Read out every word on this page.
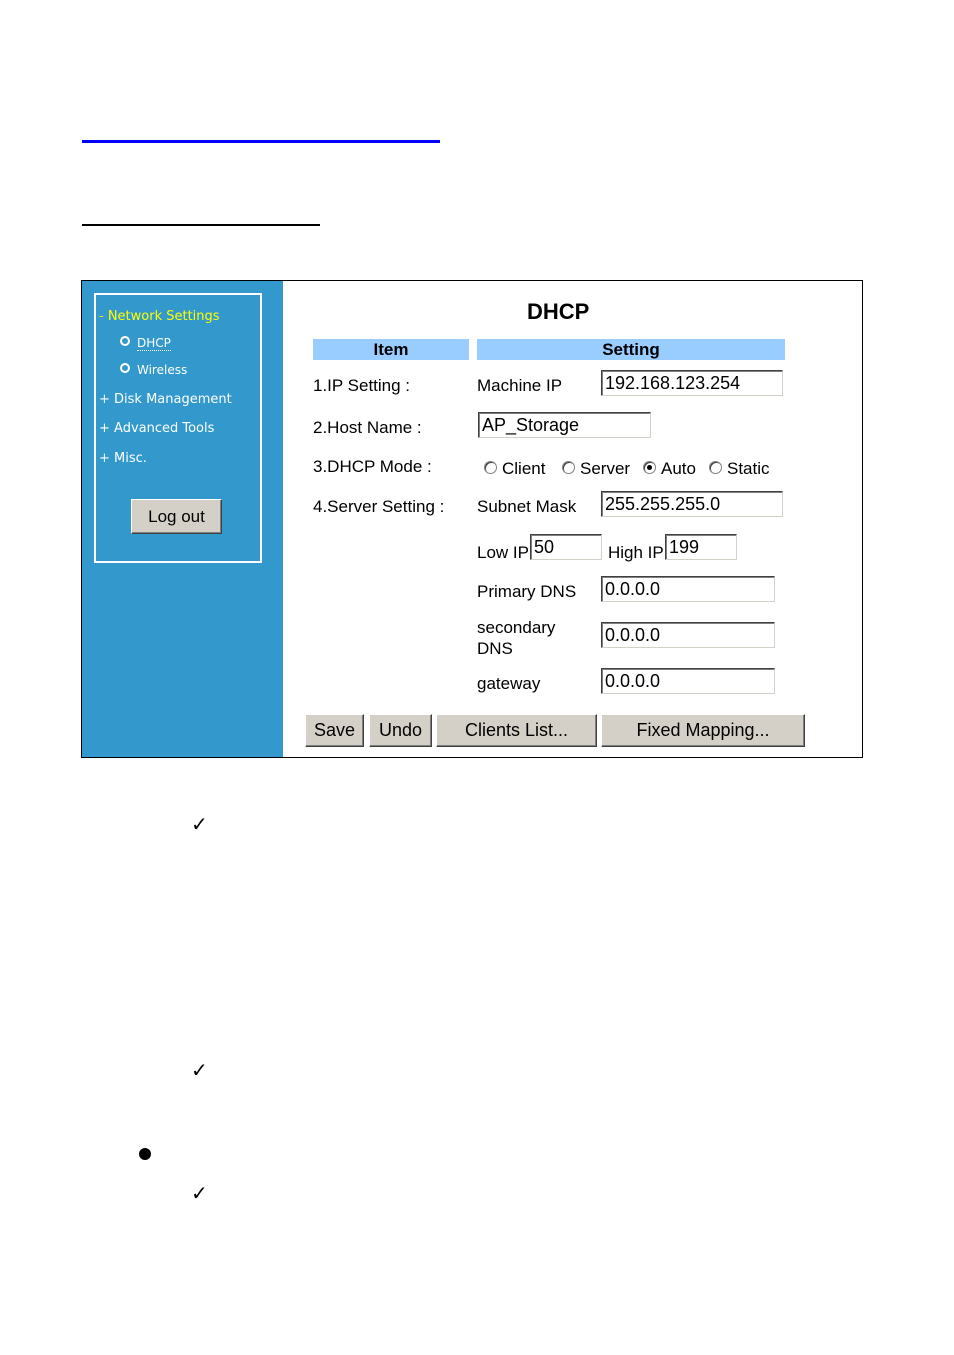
- Network Settings
DHCP
Wireless
+ Disk Management
+ Advanced Tools
+ Misc.
Log out
DHCP
Item	Setting
1.IP Setting :	Machine IP 192.168.123.254
2.Host Name :	AP_Storage
3.DHCP Mode :	Client	Server	Auto	Static
4.Server Setting : Subnet Mask 255.255.255.0
Low IP 50	High IP 199
Primary DNS 0.0.0.0
secondary
DNS
0.0.0.0
gateway	0.0.0.0
Save	Undo	Clients List...	Fixed Mapping...
✓
✓
✓
